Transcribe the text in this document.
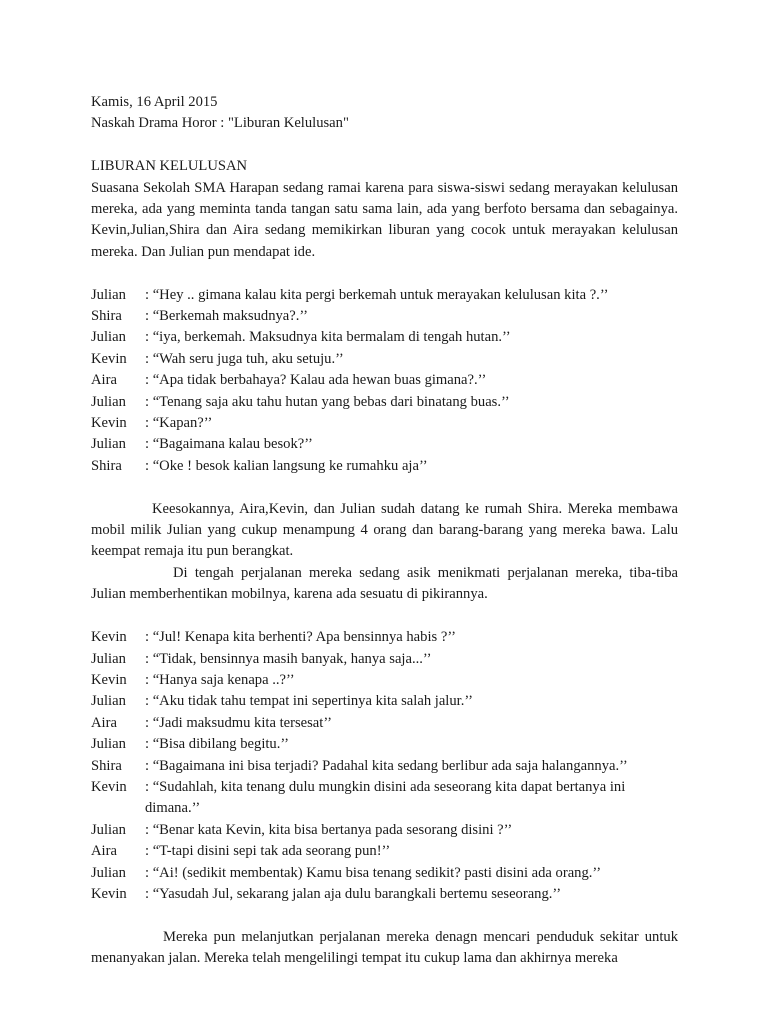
Kamis, 16 April 2015
Naskah Drama Horor : "Liburan Kelulusan"
LIBURAN KELULUSAN

Suasana Sekolah SMA Harapan sedang ramai karena para siswa-siswi sedang merayakan kelulusan mereka, ada yang meminta tanda tangan satu sama lain, ada yang berfoto bersama dan sebagainya. Kevin,Julian,Shira dan Aira sedang memikirkan liburan yang cocok untuk merayakan kelulusan mereka. Dan Julian pun mendapat ide.

Julian	: “Hey .. gimana kalau kita pergi berkemah untuk merayakan kelulusan kita ?.’’
Shira	: “Berkemah maksudnya?.’’
Julian	: “iya, berkemah. Maksudnya kita bermalam di tengah hutan.’’
Kevin	: “Wah seru juga tuh, aku setuju.’’
Aira	: “Apa tidak berbahaya? Kalau ada hewan buas gimana?.’’
Julian	: “Tenang saja aku tahu hutan yang bebas dari binatang buas.’’
Kevin	: “Kapan?’’
Julian	: “Bagaimana kalau besok?’’
Shira	: “Oke ! besok kalian langsung ke rumahku aja’’

Keesokannya, Aira,Kevin, dan Julian sudah datang ke rumah Shira. Mereka membawa mobil milik Julian yang cukup menampung 4 orang dan barang-barang yang mereka bawa. Lalu keempat remaja itu pun berangkat.

Di tengah perjalanan mereka sedang asik menikmati perjalanan mereka, tiba-tiba Julian memberhentikan mobilnya, karena ada sesuatu di pikirannya.

Kevin	: “Jul! Kenapa kita berhenti? Apa bensinnya habis ?’’
Julian	: “Tidak, bensinnya masih banyak, hanya saja...’’
Kevin	: “Hanya saja kenapa ..?’’
Julian	: “Aku tidak tahu tempat ini sepertinya kita salah jalur.’’
Aira	: “Jadi maksudmu kita tersesat’’
Julian	: “Bisa dibilang begitu.’’
Shira	: “Bagaimana ini bisa terjadi? Padahal kita sedang berlibur ada saja halangannya.’’
Kevin	: “Sudahlah, kita tenang dulu mungkin disini ada seseorang kita dapat bertanya ini dimana.’’
Julian	: “Benar kata Kevin, kita bisa bertanya pada sesorang disini ?’’
Aira	: “T-tapi disini sepi tak ada seorang pun!’’
Julian	: “Ai! (sedikit membentak) Kamu bisa tenang sedikit? pasti disini ada orang.’’
Kevin	: “Yasudah Jul, sekarang jalan aja dulu barangkali bertemu seseorang.’’

Mereka pun melanjutkan perjalanan mereka denagn mencari penduduk sekitar untuk menanyakan jalan. Mereka telah mengelilingi tempat itu cukup lama dan akhirnya mereka
